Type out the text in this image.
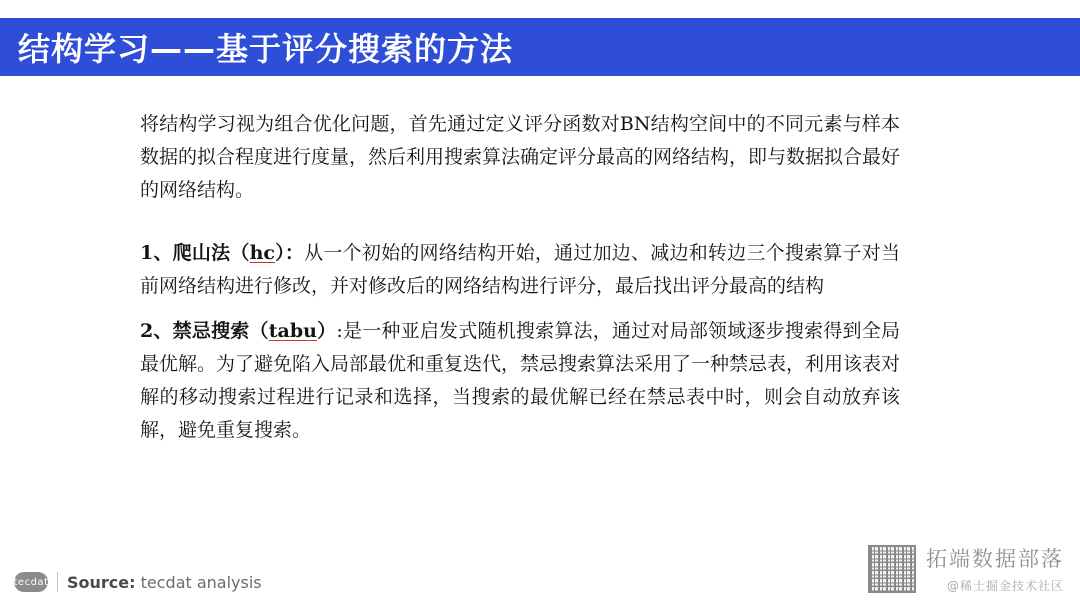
结构学习——基于评分搜索的方法

将结构学习视为组合优化问题，首先通过定义评分函数对BN结构空间中的不同元素与样本数据的拟合程度进行度量，然后利用搜索算法确定评分最高的网络结构，即与数据拟合最好的网络结构。

1、爬山法（hc）：从一个初始的网络结构开始，通过加边、减边和转边三个搜索算子对当前网络结构进行修改，并对修改后的网络结构进行评分，最后找出评分最高的结构

2、禁忌搜索（tabu）:是一种亚启发式随机搜索算法，通过对局部领域逐步搜索得到全局最优解。为了避免陷入局部最优和重复迭代，禁忌搜索算法采用了一种禁忌表，利用该表对解的移动搜索过程进行记录和选择，当搜索的最优解已经在禁忌表中时，则会自动放弃该解，避免重复搜索。

tecdat Source: tecdat analysis
拓端数据部落
@稀土掘金技术社区
